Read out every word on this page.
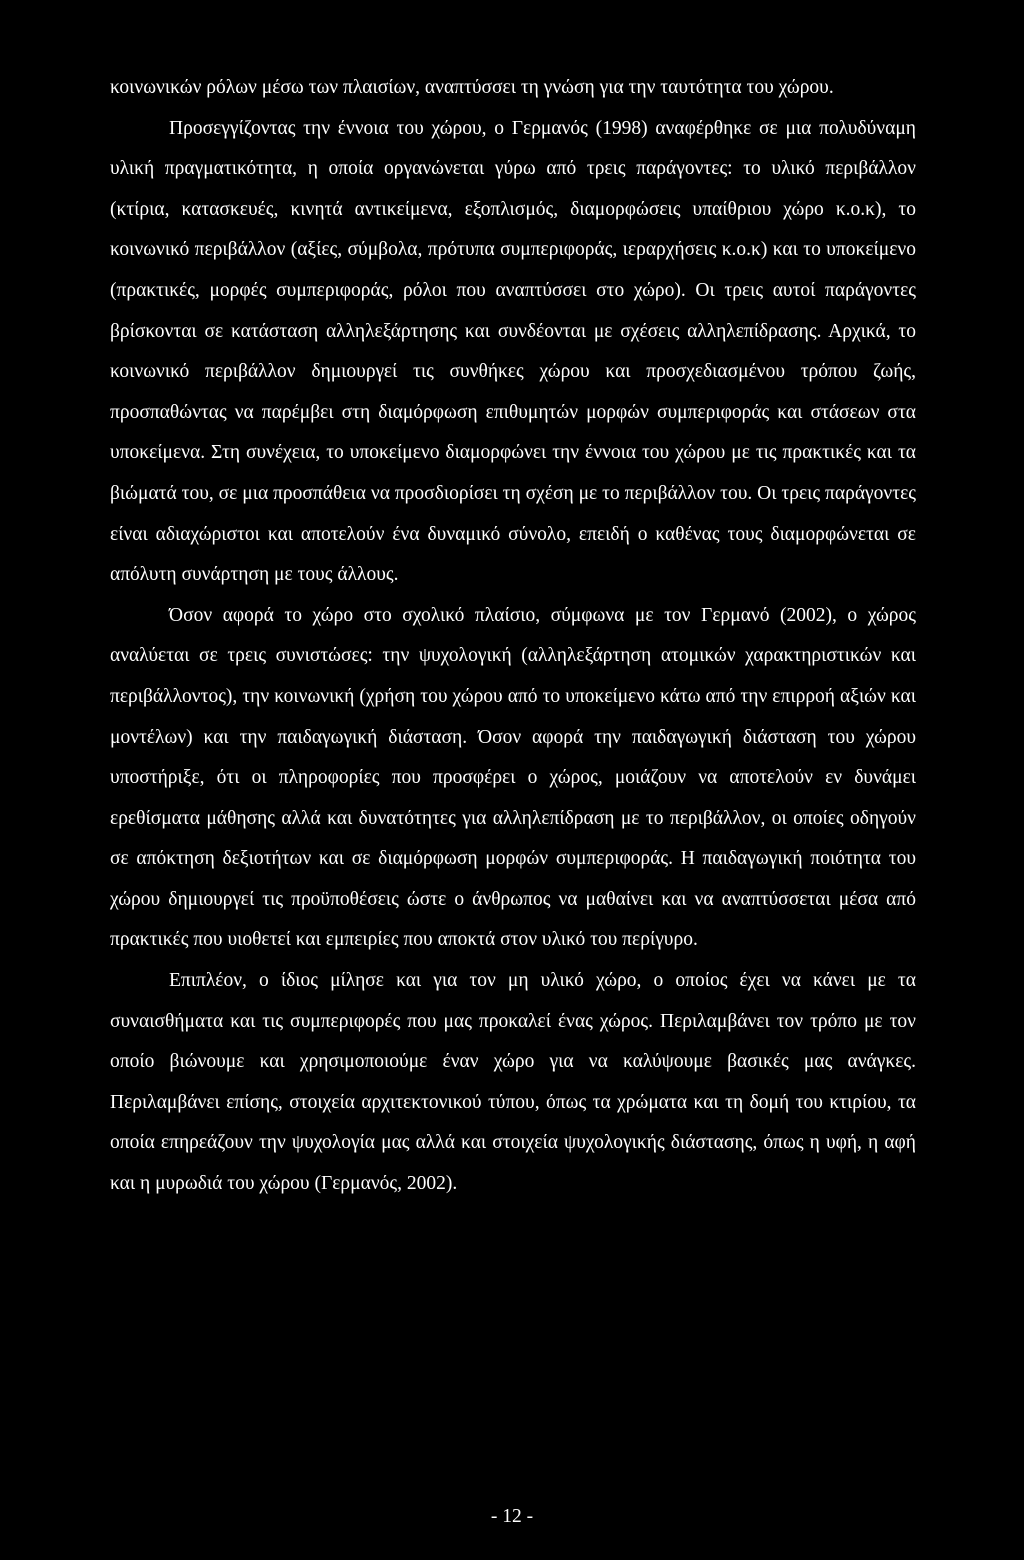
κοινωνικών ρόλων μέσω των πλαισίων, αναπτύσσει τη γνώση για την ταυτότητα του χώρου.

Προσεγγίζοντας την έννοια του χώρου, ο Γερμανός (1998) αναφέρθηκε σε μια πολυδύναμη υλική πραγματικότητα, η οποία οργανώνεται γύρω από τρεις παράγοντες: το υλικό περιβάλλον (κτίρια, κατασκευές, κινητά αντικείμενα, εξοπλισμός, διαμορφώσεις υπαίθριου χώρο κ.ο.κ), το κοινωνικό περιβάλλον (αξίες, σύμβολα, πρότυπα συμπεριφοράς, ιεραρχήσεις κ.ο.κ) και το υποκείμενο (πρακτικές, μορφές συμπεριφοράς, ρόλοι που αναπτύσσει στο χώρο). Οι τρεις αυτοί παράγοντες βρίσκονται σε κατάσταση αλληλεξάρτησης και συνδέονται με σχέσεις αλληλεπίδρασης. Αρχικά, το κοινωνικό περιβάλλον δημιουργεί τις συνθήκες χώρου και προσχεδιασμένου τρόπου ζωής, προσπαθώντας να παρέμβει στη διαμόρφωση επιθυμητών μορφών συμπεριφοράς και στάσεων στα υποκείμενα. Στη συνέχεια, το υποκείμενο διαμορφώνει την έννοια του χώρου με τις πρακτικές και τα βιώματά του, σε μια προσπάθεια να προσδιορίσει τη σχέση με το περιβάλλον του. Οι τρεις παράγοντες είναι αδιαχώριστοι και αποτελούν ένα δυναμικό σύνολο, επειδή ο καθένας τους διαμορφώνεται σε απόλυτη συνάρτηση με τους άλλους.

Όσον αφορά το χώρο στο σχολικό πλαίσιο, σύμφωνα με τον Γερμανό (2002), ο χώρος αναλύεται σε τρεις συνιστώσες: την ψυχολογική (αλληλεξάρτηση ατομικών χαρακτηριστικών και περιβάλλοντος), την κοινωνική (χρήση του χώρου από το υποκείμενο κάτω από την επιρροή αξιών και μοντέλων) και την παιδαγωγική διάσταση. Όσον αφορά την παιδαγωγική διάσταση του χώρου υποστήριξε, ότι οι πληροφορίες που προσφέρει ο χώρος, μοιάζουν να αποτελούν εν δυνάμει ερεθίσματα μάθησης αλλά και δυνατότητες για αλληλεπίδραση με το περιβάλλον, οι οποίες οδηγούν σε απόκτηση δεξιοτήτων και σε διαμόρφωση μορφών συμπεριφοράς. Η παιδαγωγική ποιότητα του χώρου δημιουργεί τις προϋποθέσεις ώστε ο άνθρωπος να μαθαίνει και να αναπτύσσεται μέσα από πρακτικές που υιοθετεί και εμπειρίες που αποκτά στον υλικό του περίγυρο.

Επιπλέον, ο ίδιος μίλησε και για τον μη υλικό χώρο, ο οποίος έχει να κάνει με τα συναισθήματα και τις συμπεριφορές που μας προκαλεί ένας χώρος. Περιλαμβάνει τον τρόπο με τον οποίο βιώνουμε και χρησιμοποιούμε έναν χώρο για να καλύψουμε βασικές μας ανάγκες. Περιλαμβάνει επίσης, στοιχεία αρχιτεκτονικού τύπου, όπως τα χρώματα και τη δομή του κτιρίου, τα οποία επηρεάζουν την ψυχολογία μας αλλά και στοιχεία ψυχολογικής διάστασης, όπως η υφή, η αφή και η μυρωδιά του χώρου (Γερμανός, 2002).

- 12 -
